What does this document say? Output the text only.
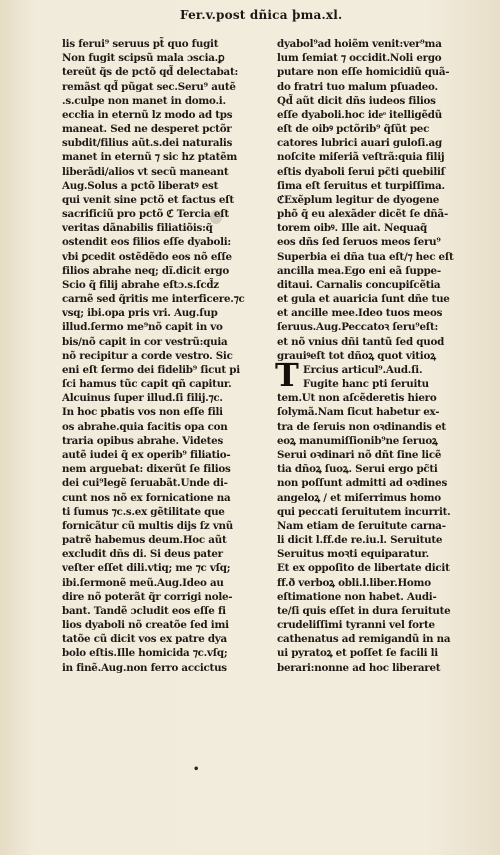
Fer.v.post dñica þma.xl.
lis ferui⁹ seruus pt̃ quo fugit
Non fugit scipsũ mala ɔscia.ꝑ
tereũt q̃s de pctõ qd̃ delectabat:
remãst qd̃ pũgat sec.Seru⁹ autẽ
.s.culpe non manet in domo.i.
eccłia in eternũ lz modo ad tps
maneat. Sed ne desperet pctõr
subdit/filius aũt.s.dei naturalis
manet in eternũ ⁊ sic hz ptatẽm
liberãdi/alios vt secũ maneant
Aug.Solus a pctõ liberatꝰ est
qui venit sine pctõ et factus eſt
sacrificiũ pro pctõ ℭ Tercia eſt
veritas dãnabilis filiatiõis:q̃
ostendit eos filios eſſe dyaboli:
vbi ꝑcedit ostẽdẽdo eos nõ eſſe
filios abrahe neq; dĩ.dicit ergo
Scio q̃ filij abrahe eſtɔ.s.ſcd̃z
carnẽ sed q̃ritis me interficere.⁊c
vsq; ibi.opa pris vri. Aug.ſup
illud.ſermo me⁹nõ capit in vo
bis/nõ capit in cor vestrũ:quia
nõ recipitur a corde vestro. Sic
eni eſt ſermo dei fidelib⁹ ſicut pi
ſci hamus tũc capit qñ capitur.
Alcuinus ſuper illud.ſi filij.⁊c.
In hoc pbatis vos non eſſe fili
os abrahe.quia facitis opa con
traria opibus abrahe. Videtes
autẽ iudei q̃ ex operib⁹ filiatio-
nem arguebat: dixerũt ſe filios
dei cui⁹legẽ ſeruabãt.Unde di-
cunt nos nõ ex fornicatione na
ti ſumus ⁊c.s.ex gẽtilitate que
fornicãtur cũ multis dijs ſz vnũ
patrẽ habemus deum.Hoc aũt
excludit dñs di. Si deus pater
veſter eſſet dili.vtiq; me ⁊c vſq;
ibi.ſermonẽ meũ.Aug.Ideo au
dire nõ poterãt q̃r corrigi nole-
bant. Tandẽ ɔcludit eos eſſe fi
lios dyaboli nõ creatõe ſed imi
tatõe cũ dicit vos ex patre dya
bolo eſtis.Ille homicida ⁊c.vſq;
in finẽ.Aug.non ferro accictus
dyabol⁹ad hoiẽm venit:ver⁹ma
lum ſemiat ⁊ occidit.Noli ergo
putare non eſſe homicidiũ quã-
do fratri tuo malum pſuadeo.
Qd̃ aũt dicit dñs iudeos filios
eſſe dyaboli.hoc ideͦ itelligẽdũ
eſt de oibꝰ pctõrib⁹ q̃ſũt pec
catores lubrici auari guloſi.ag
noſcite miſeriã veſtrã:quia filij
eſtis dyaboli ſerui pc̃ti quebiliſ
ſima eſt ſeruitus et turpiſſima.
ℭExẽplum legitur de dyogene
phõ q̃ eu alexãder dicẽt ſe dñã-
torem oibꝰ. Ille ait. Nequaq̃
eos dñs ſed ſeruos meos ſeru⁹
Superbia ei dña tua eſt/⁊ hec eſt
ancilla mea.Ego eni eã ſuppe-
ditaui. Carnalis concupiſcẽtia
et gula et auaricia ſunt dñe tue
et ancille mee.Ideo tuos meos
ſeruus.Aug.Peccatoꝛ ſeru⁹eſt:
et nõ vnius dñi tantũ ſed quod
grauiꝰeſt tot dñoꝝ quot vitioꝝ
T Ercius articul⁹.Aud.ſi.
Fugite hanc pti ſeruitu
tem.Ut non aſcẽderetis hiero
ſolymã.Nam ſicut habetur ex-
tra de ſeruis non oꝛdinandis et
eoꝝ manumiſſionib⁹ne ſeruoꝝ
Serui oꝛdinari nõ dñt ſine licẽ
tia dñoꝝ ſuoꝝ. Serui ergo pc̃ti
non poſſunt admitti ad oꝛdines
angeloꝝ / et miſerrimus homo
qui peccati ſeruitutem incurrit.
Nam etiam de ſeruitute carna-
li dicit l.ff.de re.iu.l. Seruitute
Seruitus moꝛti equiparatur.
Et ex oppoſito de libertate dicit
ff.ð verboꝝ obli.l.liber.Homo
eſtimatione non habet. Audi-
te/ſi quis eſſet in dura ſeruitute
crudeliſſimi tyranni vel forte
cathenatus ad remigandũ in na
ui pyratoꝝ et poſſet ſe facili li
berari:nonne ad hoc liberaret
•
